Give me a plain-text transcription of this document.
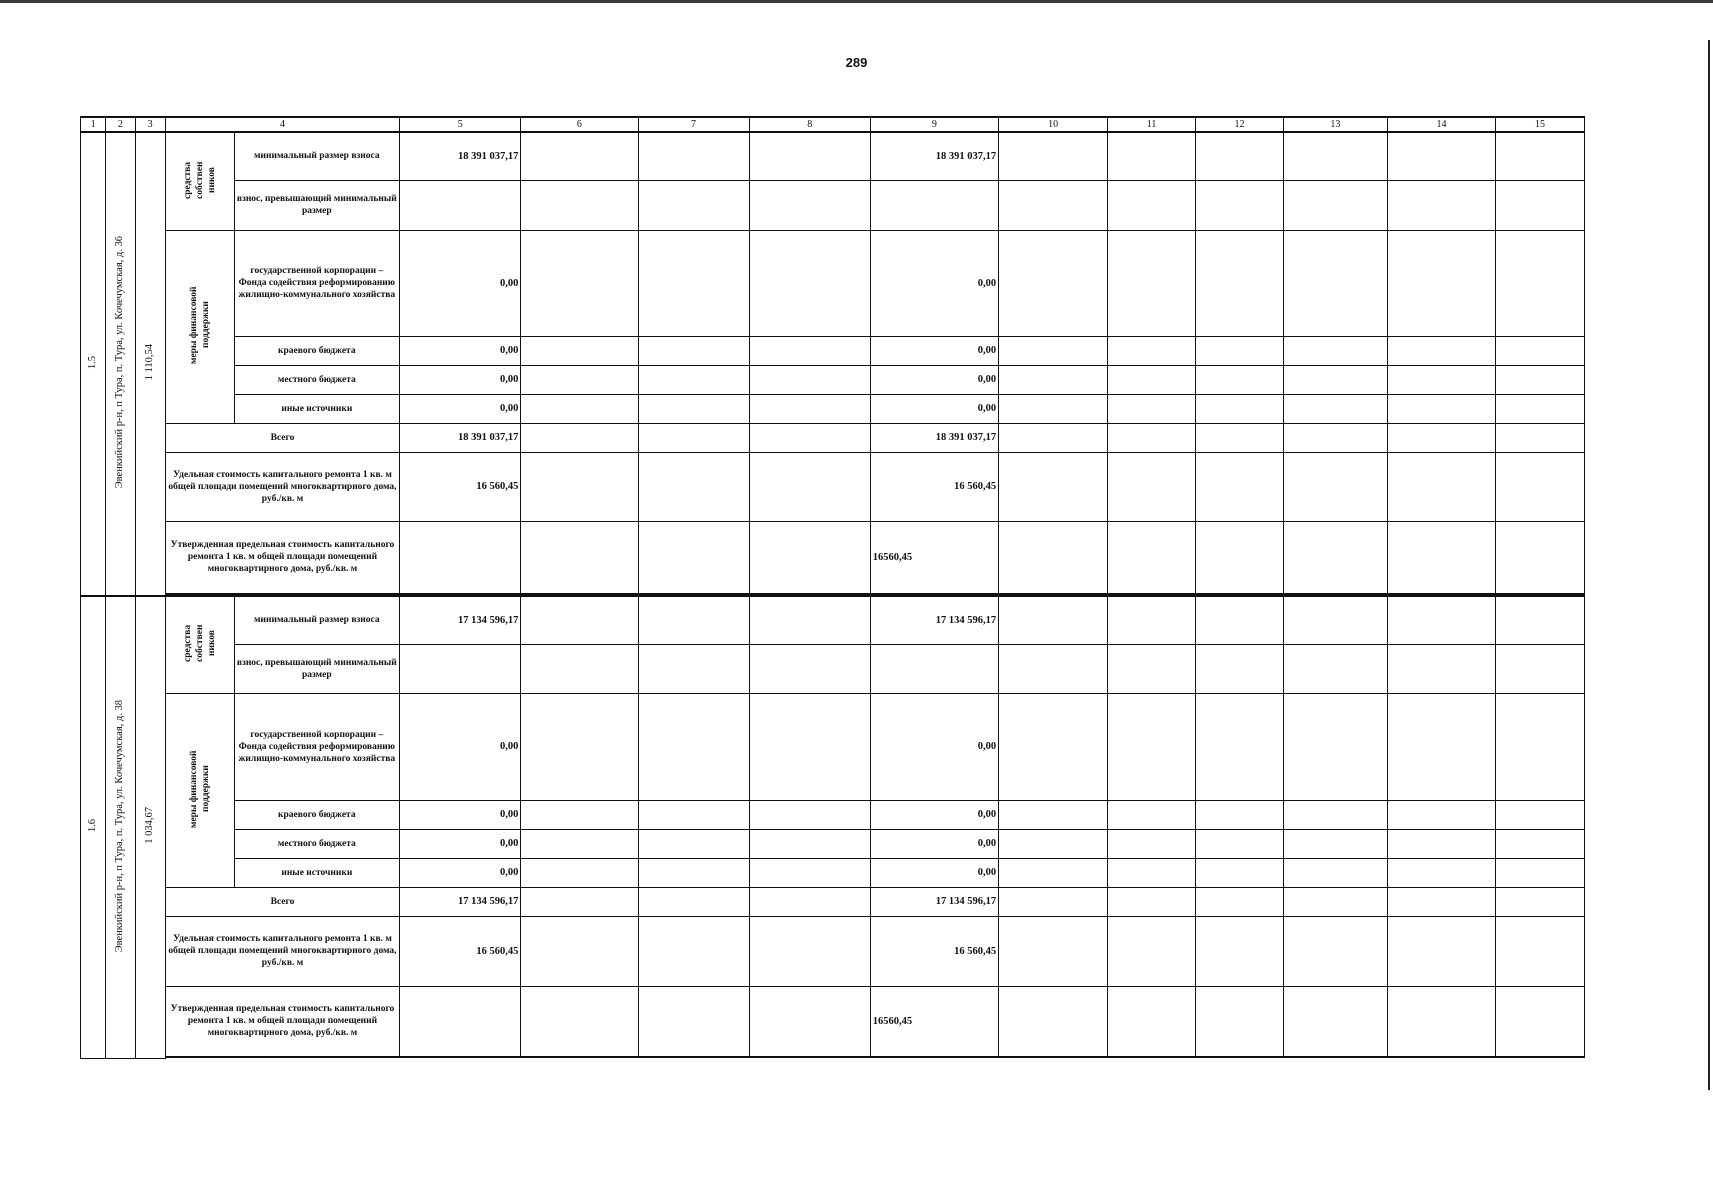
289
1	2	3	4		5	6	7	8	9	10	11	12	13	14	15
1.5	Эвенкийский р-н, п Тура, п. Тура, ул. Кочечумская, д. 36	1 110,54	средства собствен ников	минимальный размер взноса	18 391 037,17				18 391 037,17						
				взнос, превышающий минимальный размер											
			меры финансовой поддержки	государственной корпорации – Фонда содействия реформированию жилищно-коммунального хозяйства	0,00				0,00						
				краевого бюджета	0,00				0,00						
				местного бюджета	0,00				0,00						
				иные источники	0,00				0,00						
			Всего		18 391 037,17				18 391 037,17						
			Удельная стоимость капитального ремонта 1 кв. м общей площади помещений многоквартирного дома, руб./кв. м		16 560,45				16 560,45						
			Утвержденная предельная стоимость капитального ремонта 1 кв. м общей площади помещений многоквартирного дома, руб./кв. м						16560,45						

1.6	Эвенкийский р-н, п Тура, п. Тура, ул. Кочечумская, д. 38	1 034,67	средства собствен ников	минимальный размер взноса	17 134 596,17				17 134 596,17						
				взнос, превышающий минимальный размер											
			меры финансовой поддержки	государственной корпорации – Фонда содействия реформированию жилищно-коммунального хозяйства	0,00				0,00						
				краевого бюджета	0,00				0,00						
				местного бюджета	0,00				0,00						
				иные источники	0,00				0,00						
			Всего		17 134 596,17				17 134 596,17						
			Удельная стоимость капитального ремонта 1 кв. м общей площади помещений многоквартирного дома, руб./кв. м		16 560,45				16 560,45						
			Утвержденная предельная стоимость капитального ремонта 1 кв. м общей площади помещений многоквартирного дома, руб./кв. м						16560,45						
